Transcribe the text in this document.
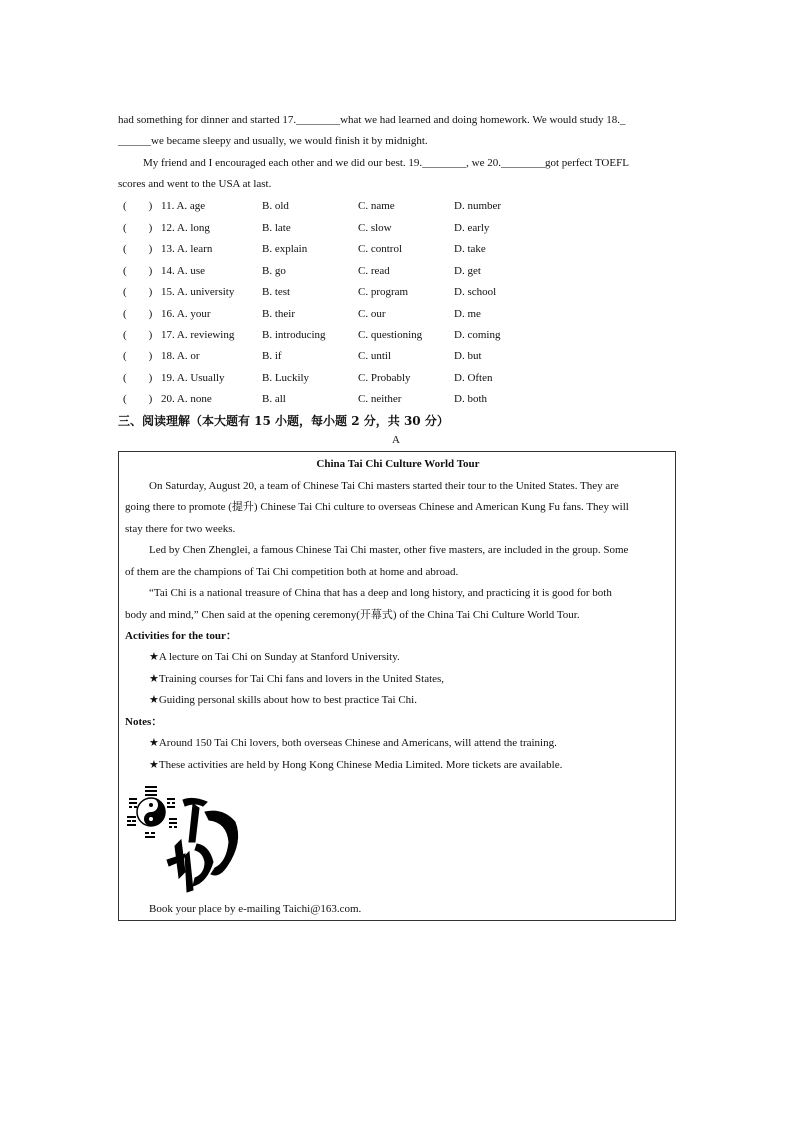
had something for dinner and started 17.________what we had learned and doing homework. We would study 18._
______we became sleepy and usually, we would finish it by midnight.
My friend and I encouraged each other and we did our best. 19.________, we 20.________got perfect TOEFL
scores and went to the USA at last.
(　　) 11. A. age	B. old	C. name	D. number
(　　) 12. A. long	B. late	C. slow	D. early
(　　) 13. A. learn	B. explain	C. control	D. take
(　　) 14. A. use	B. go	C. read	D. get
(　　) 15. A. university	B. test	C. program	D. school
(　　) 16. A. your	B. their	C. our	D. me
(　　) 17. A. reviewing	B. introducing	C. questioning	D. coming
(　　) 18. A. or	B. if	C. until	D. but
(　　) 19. A. Usually	B. Luckily	C. Probably	D. Often
(　　) 20. A. none	B. all	C. neither	D. both
三、阅读理解（本大题有 15 小题，每小题 2 分，共 30 分）
A
China Tai Chi Culture World Tour
On Saturday, August 20, a team of Chinese Tai Chi masters started their tour to the United States. They are
going there to promote (提升) Chinese Tai Chi culture to overseas Chinese and American Kung Fu fans. They will
stay there for two weeks.
Led by Chen Zhenglei, a famous Chinese Tai Chi master, other five masters, are included in the group. Some
of them are the champions of Tai Chi competition both at home and abroad.
“Tai Chi is a national treasure of China that has a deep and long history, and practicing it is good for both
body and mind,” Chen said at the opening ceremony(开幕式) of the China Tai Chi Culture World Tour.
Activities for the tour：
★A lecture on Tai Chi on Sunday at Stanford University.
★Training courses for Tai Chi fans and lovers in the United States,
★Guiding personal skills about how to best practice Tai Chi.
Notes：
★Around 150 Tai Chi lovers, both overseas Chinese and Americans, will attend the training.
★These activities are held by Hong Kong Chinese Media Limited. More tickets are available.
Book your place by e-mailing Taichi@163.com.
